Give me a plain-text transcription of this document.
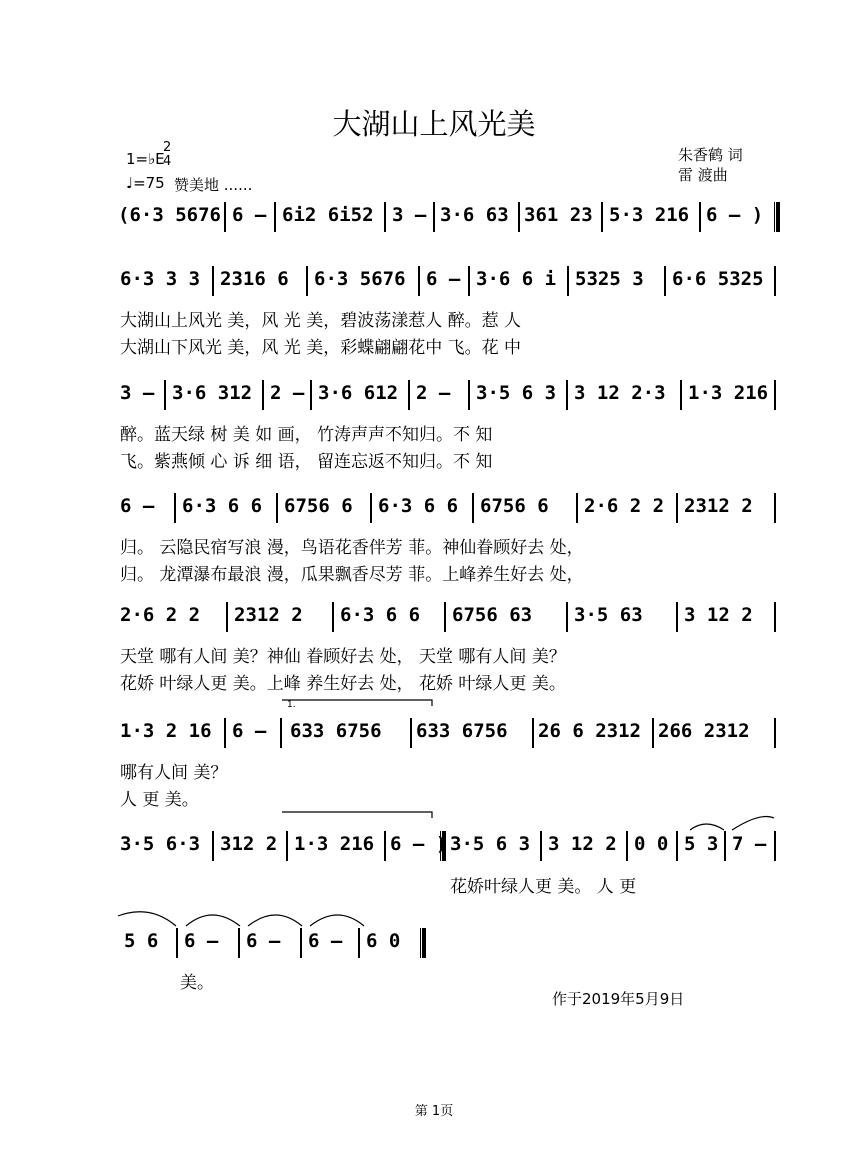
大湖山上风光美
1=♭E
2
4
♩=75 赞美地 ......
朱香鹤 词
雷 渡曲
(6·3 5676 6 – 6i2 6i52 3 – 3·6 63 361 23 5·3 216 6 – )
6·3 3 3 2316 6 6·3 5676 6 – 3·6 6 i 5325 3 6·6 5325
大湖山上风光 美，风 光 美，碧波荡漾惹人 醉。惹 人
大湖山下风光 美，风 光 美，彩蝶翩翩花中 飞。花 中
3 – 3·6 312 2 – 3·6 612 2 – 3·5 6 3 3 12 2·3 1·3 216
醉。蓝天绿 树 美 如 画， 竹涛声声不知归。不 知
飞。紫燕倾 心 诉 细 语， 留连忘返不知归。不 知
6 – 6·3 6 6 6756 6 6·3 6 6 6756 6 2·6 2 2 2312 2
归。 云隐民宿写浪 漫，鸟语花香伴芳 菲。神仙眷顾好去 处，
归。 龙潭瀑布最浪 漫，瓜果飘香尽芳 菲。上峰养生好去 处，
2·6 2 2 2312 2 6·3 6 6 6756 63 3·5 63 3 12 2
天堂 哪有人间 美？神仙 眷顾好去 处， 天堂 哪有人间 美？
花娇 叶绿人更 美。上峰 养生好去 处， 花娇 叶绿人更 美。
1.
1·3 2 16 6 – 633 6756 633 6756 26 6 2312 266 2312
哪有人间 美？
人 更 美。
3·5 6·3 312 2 1·3 216 6 – ) 3·5 6 3 3 12 2 0 0 5 3 7 –
花娇叶绿人更 美。 人 更
5 6 6 – 6 – 6 – 6 0
美。
作于2019年5月9日
第 1页
